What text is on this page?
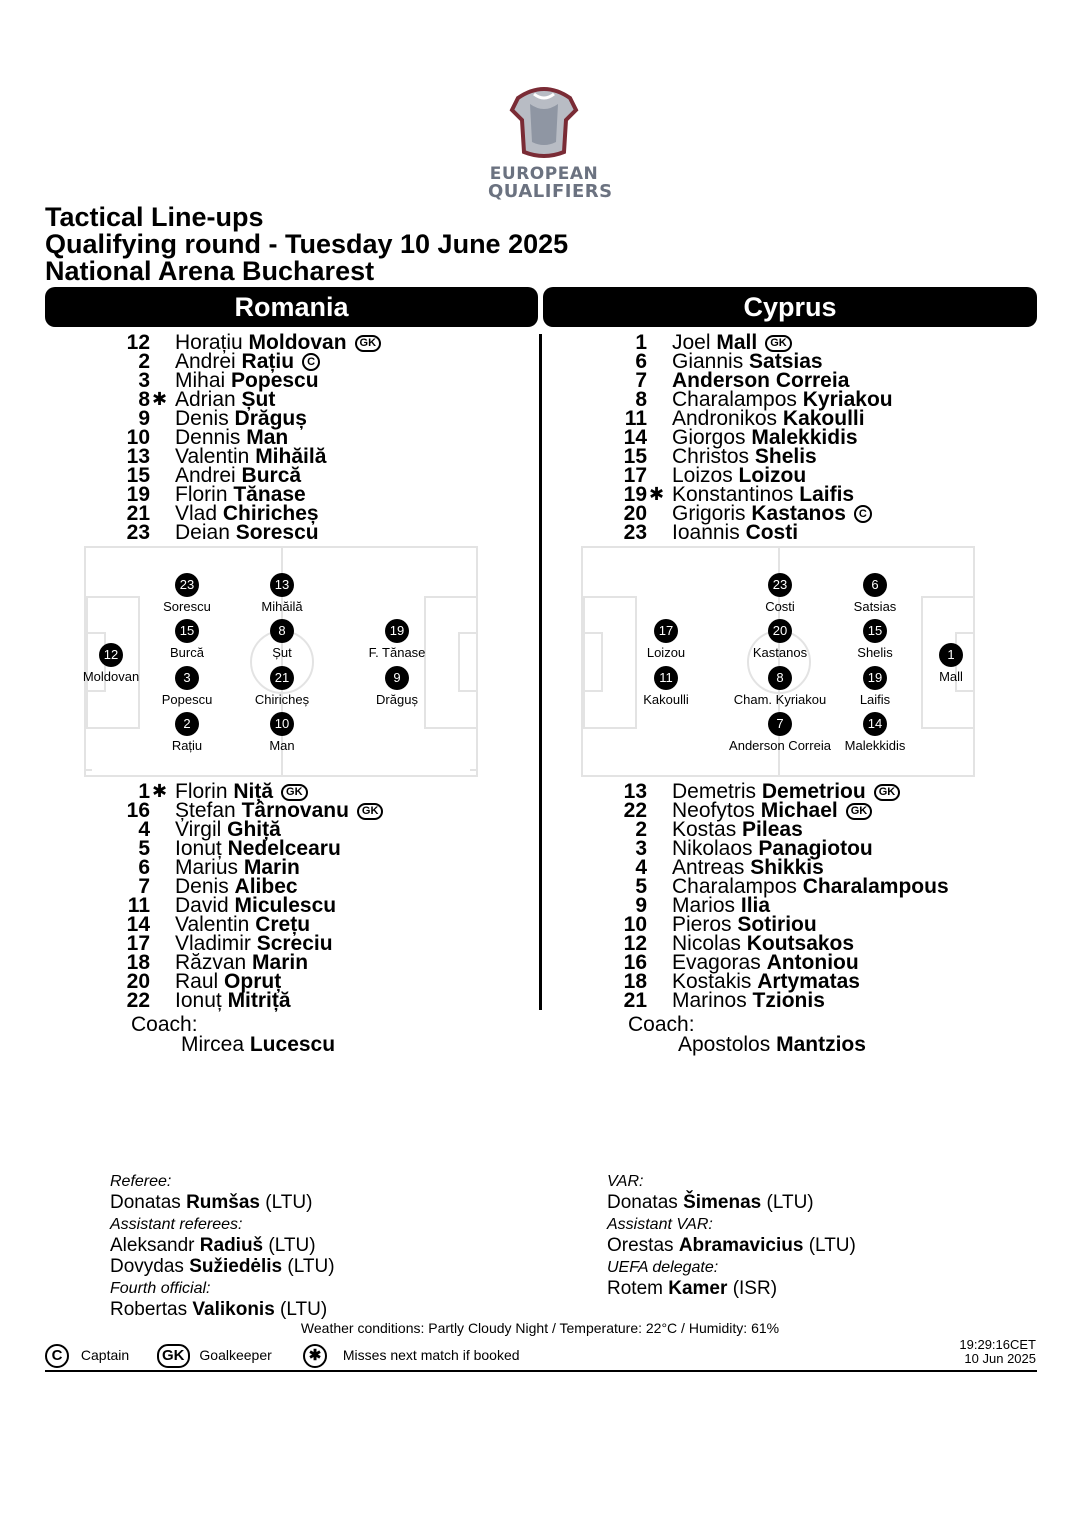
EUROPEAN
QUALIFIERS
Tactical Line-ups
Qualifying round - Tuesday 10 June 2025
National Arena Bucharest
Romania	Cyprus
12 Horațiu Moldovan GK
2 Andrei Rațiu C
3 Mihai Popescu
8 ✱ Adrian Șut
9 Denis Drăguș
10 Dennis Man
13 Valentin Mihăilă
15 Andrei Burcă
19 Florin Tănase
21 Vlad Chiricheș
23 Deian Sorescu
1 Joel Mall GK
6 Giannis Satsias
7 Anderson Correia
8 Charalampos Kyriakou
11 Andronikos Kakoulli
14 Giorgos Malekkidis
15 Christos Shelis
17 Loizos Loizou
19 ✱ Konstantinos Laifis
20 Grigoris Kastanos C
23 Ioannis Costi
1 ✱ Florin Niță GK
16 Ștefan Târnovanu GK
4 Virgil Ghiță
5 Ionuț Nedelcearu
6 Marius Marin
7 Denis Alibec
11 David Miculescu
14 Valentin Crețu
17 Vladimir Screciu
18 Răzvan Marin
20 Raul Opruț
22 Ionuț Mitriță
13 Demetris Demetriou GK
22 Neofytos Michael GK
2 Kostas Pileas
3 Nikolaos Panagiotou
4 Antreas Shikkis
5 Charalampos Charalampous
9 Marios Ilia
10 Pieros Sotiriou
12 Nicolas Koutsakos
16 Evagoras Antoniou
18 Kostakis Artymatas
21 Marinos Tzionis
12
Moldovan
23
Sorescu
15
Burcă
3
Popescu
2
Rațiu
13
Mihăilă
8
Șut
21
Chiricheș
10
Man
19
F. Tănase
9
Drăguș
23
Costi
6
Satsias
17
Loizou
20
Kastanos
15
Shelis	1
Mall
11
Kakoulli
8
Cham. Kyriakou
19
Laifis
7
Anderson Correia
14
Malekkidis
Coach:
Mircea Lucescu
Coach:
Apostolos Mantzios
Referee:
Donatas Rumšas (LTU)
Assistant referees:
Aleksandr Radiuš (LTU)
Dovydas Sužiedėlis (LTU)
Fourth official:
Robertas Valikonis (LTU)
VAR:
Donatas Šimenas (LTU)
Assistant VAR:
Orestas Abramavicius (LTU)
UEFA delegate:
Rotem Kamer (ISR)
Weather conditions: Partly Cloudy Night / Temperature: 22°C / Humidity: 61%
C Captain	GK Goalkeeper	✱ Misses next match if booked
19:29:16CET
10 Jun 2025
